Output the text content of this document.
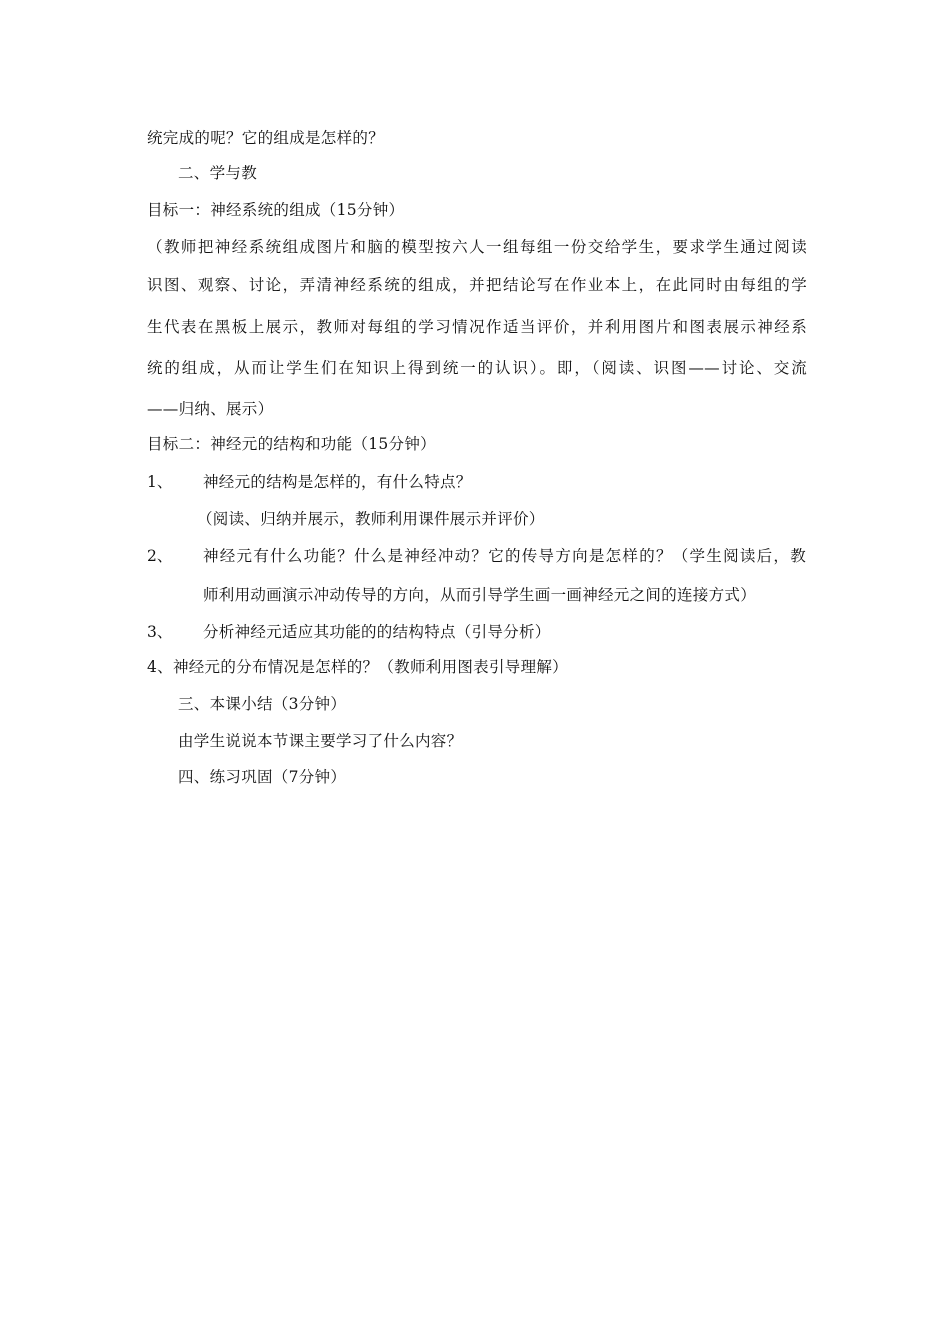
统完成的呢？它的组成是怎样的？
二、学与教
目标一：神经系统的组成（15分钟）
（教师把神经系统组成图片和脑的模型按六人一组每组一份交给学生，要求学生通过阅读
识图、观察、讨论，弄清神经系统的组成，并把结论写在作业本上，在此同时由每组的学
生代表在黑板上展示，教师对每组的学习情况作适当评价，并利用图片和图表展示神经系
统的组成，从而让学生们在知识上得到统一的认识）。即，（阅读、识图——讨论、交流
——归纳、展示）
目标二：神经元的结构和功能（15分钟）
1、 神经元的结构是怎样的，有什么特点？
（阅读、归纳并展示，教师利用课件展示并评价）
2、 神经元有什么功能？什么是神经冲动？它的传导方向是怎样的？（学生阅读后，教
师利用动画演示冲动传导的方向，从而引导学生画一画神经元之间的连接方式）
3、 分析神经元适应其功能的的结构特点（引导分析）
4、神经元的分布情况是怎样的？（教师利用图表引导理解）
三、本课小结（3分钟）
由学生说说本节课主要学习了什么内容？
四、练习巩固（7分钟）
